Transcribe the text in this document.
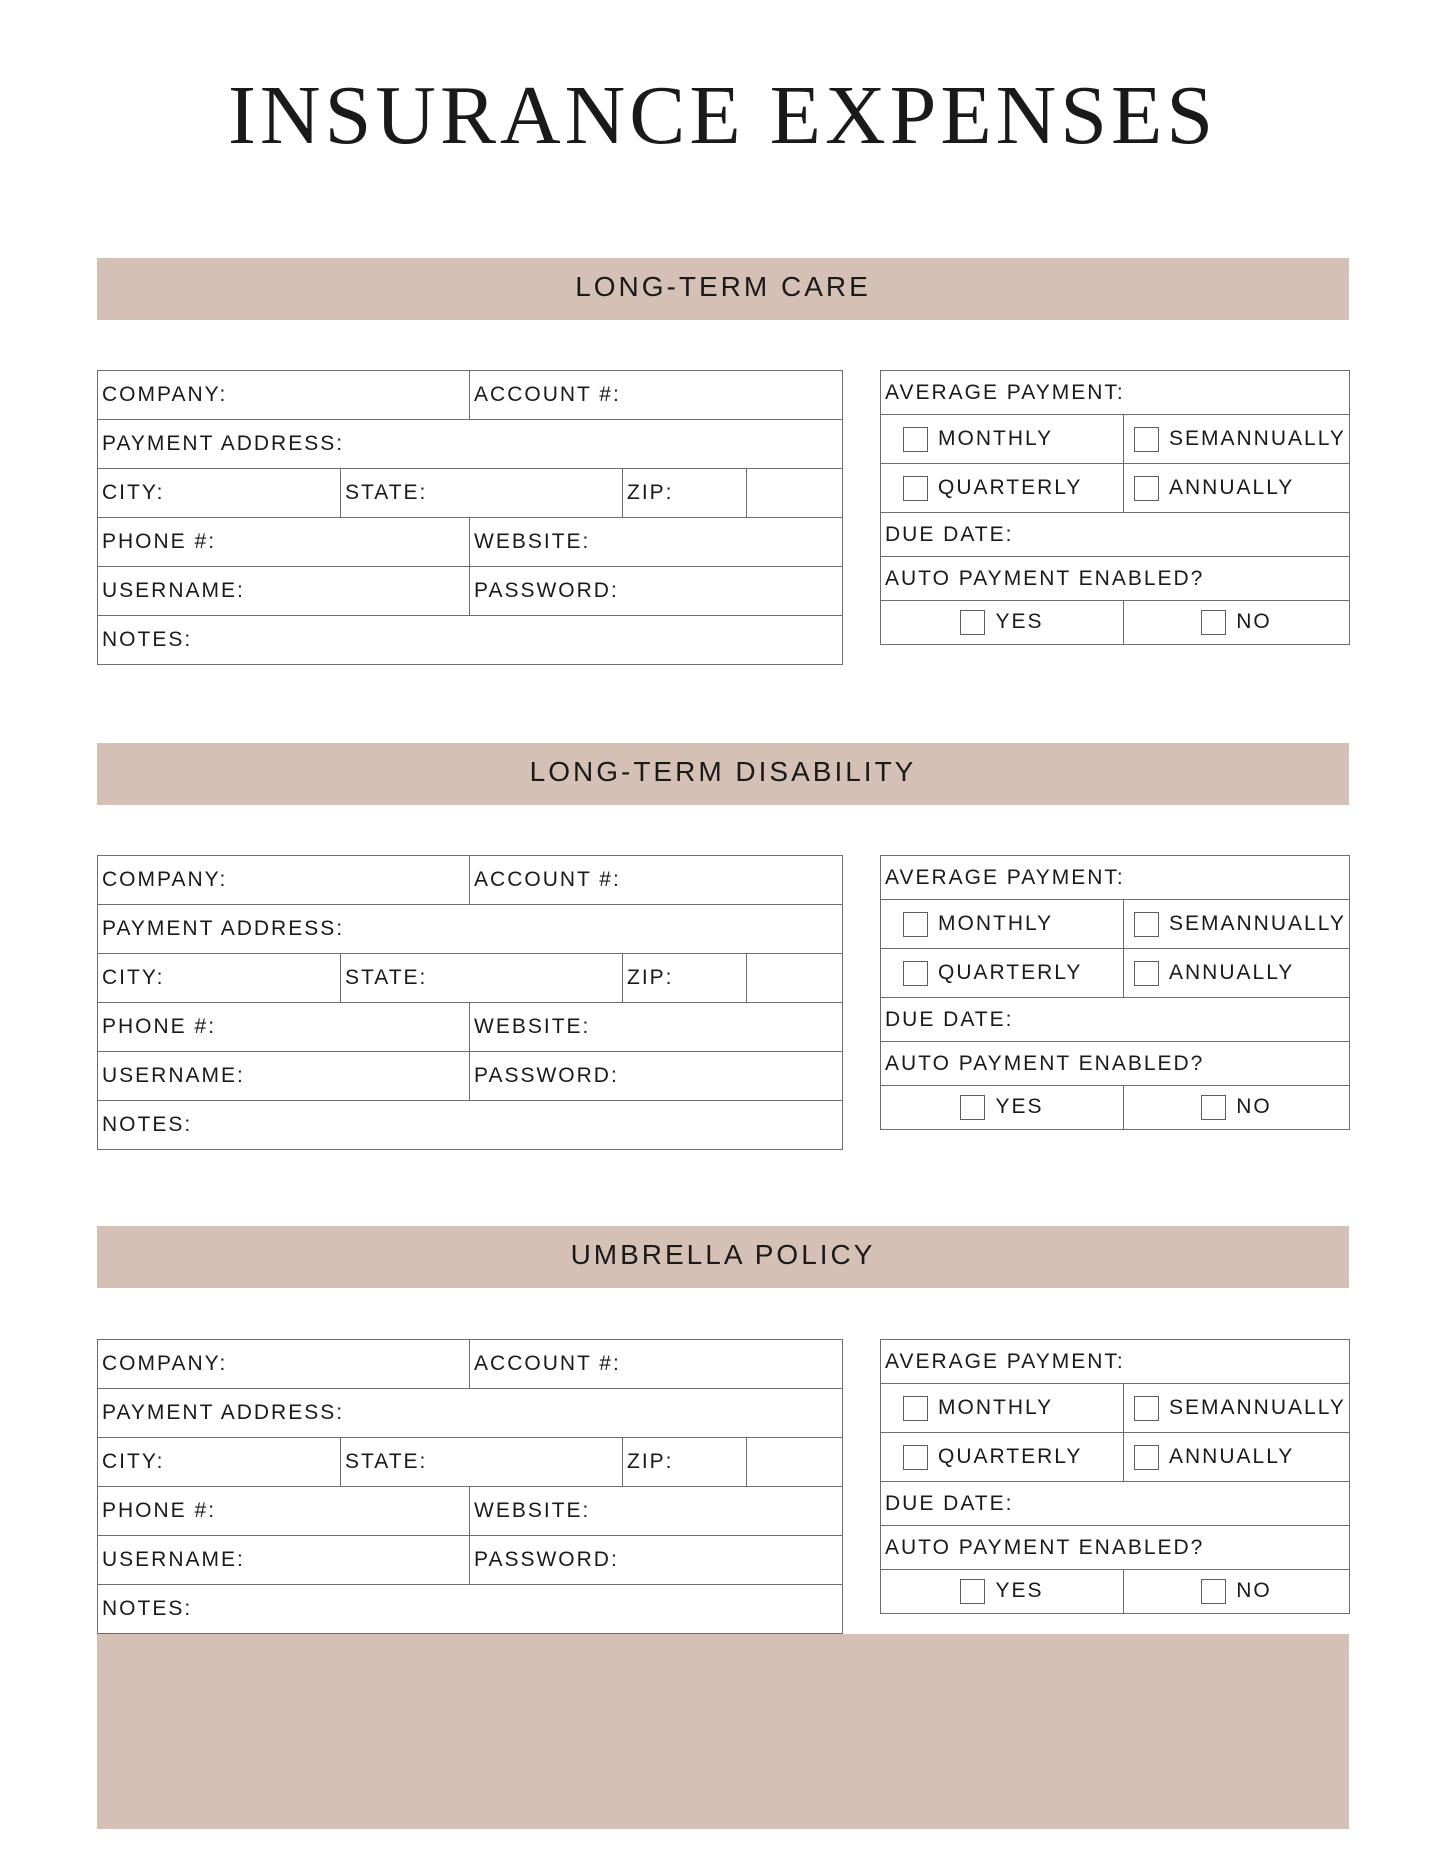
INSURANCE EXPENSES
LONG-TERM CARE
COMPANY:	ACCOUNT #:
PAYMENT ADDRESS:
CITY:		STATE:	ZIP:

PHONE #:	WEBSITE:
USERNAME:	PASSWORD:
NOTES:
AVERAGE PAYMENT:	
MONTHLY	SEMANNUALLY
QUARTERLY	ANNUALLY
DUE DATE:	
AUTO PAYMENT ENABLED?	
YES	NO
LONG-TERM DISABILITY
COMPANY:	ACCOUNT #:
PAYMENT ADDRESS:
CITY:		STATE:	ZIP:

PHONE #:	WEBSITE:
USERNAME:	PASSWORD:
NOTES:
AVERAGE PAYMENT:	
MONTHLY	SEMANNUALLY
QUARTERLY	ANNUALLY
DUE DATE:	
AUTO PAYMENT ENABLED?	
YES	NO
UMBRELLA POLICY
COMPANY:	ACCOUNT #:
PAYMENT ADDRESS:
CITY:		STATE:	ZIP:

PHONE #:	WEBSITE:
USERNAME:	PASSWORD:
NOTES:
AVERAGE PAYMENT:	
MONTHLY	SEMANNUALLY
QUARTERLY	ANNUALLY
DUE DATE:	
AUTO PAYMENT ENABLED?	
YES	NO
